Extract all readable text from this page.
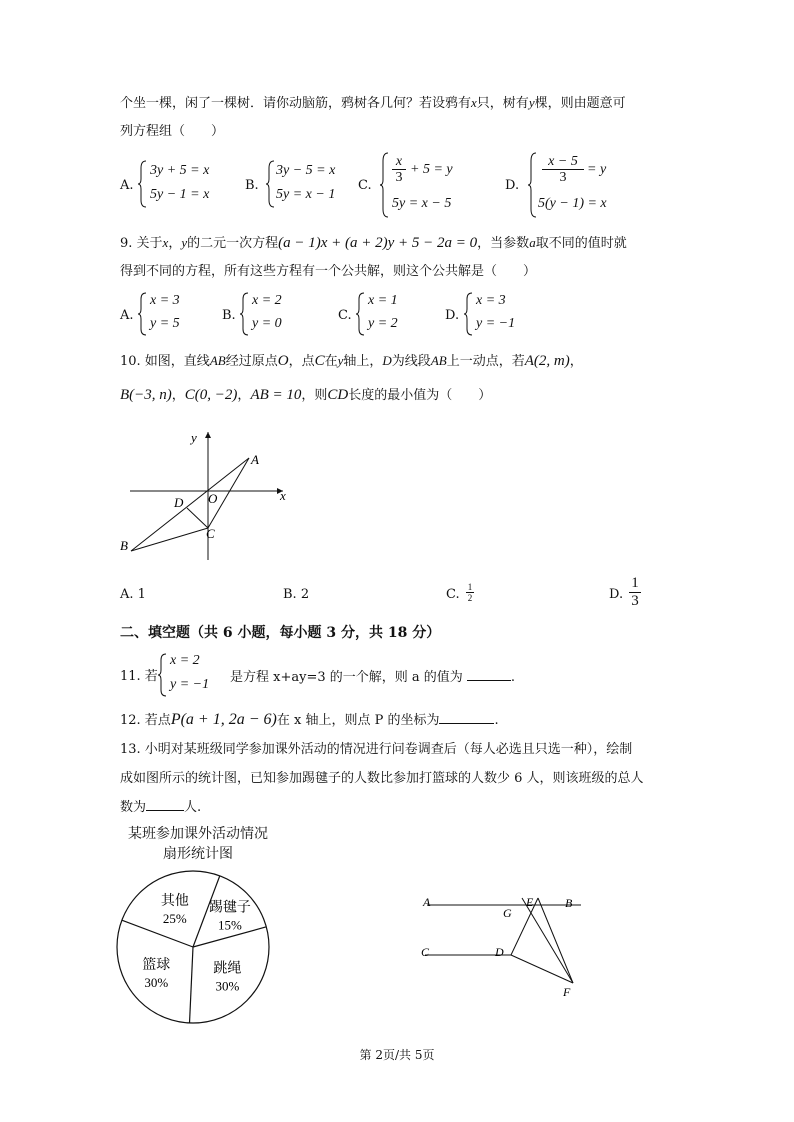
个坐一棵，闲了一棵树．请你动脑筋，鸦树各几何？若设鸦有x只，树有y棵，则由题意可
列方程组（　　）
A.
3y + 5 = x
5y − 1 = x
B.
3y − 5 = x
5y = x − 1
C.
x
3
+ 5 = y
5y = x − 5
D.
x − 5
3
= y
5(y − 1) = x
9. 关于x，y的二元一次方程(a − 1)x + (a + 2)y + 5 − 2a = 0，当参数a取不同的值时就
得到不同的方程，所有这些方程有一个公共解，则这个公共解是（　　）
A.
x = 3
y = 5
B.
x = 2
y = 0
C.
x = 1
y = 2
D.
x = 3
y = −1
10. 如图，直线AB经过原点O，点C在y轴上，D为线段AB上一动点，若A(2, m)，
B(−3, n)，C(0, −2)，AB = 10，则CD长度的最小值为（　　）
y
x
A
O
D
C
B
A. 1	B. 2	C. 1
2	D.
1
3
二、填空题（共 6 小题，每小题 3 分，共 18 分）
11. 若
x = 2
y = −1 是方程 x+ay=3 的一个解，则 a 的值为	.
12. 若点P(a + 1, 2a − 6)在 x 轴上，则点 P 的坐标为	.
13. 小明对某班级同学参加课外活动的情况进行问卷调查后（每人必选且只选一种），绘制
成如图所示的统计图，已知参加踢毽子的人数比参加打篮球的人数少 6 人，则该班级的总人
数为	人.
某班参加课外活动情况
扇形统计图
踢毽子
15%
跳绳
30%
篮球
30%
其他
25%
A	B
C	D
E
G
F
第 2页/共 5页
